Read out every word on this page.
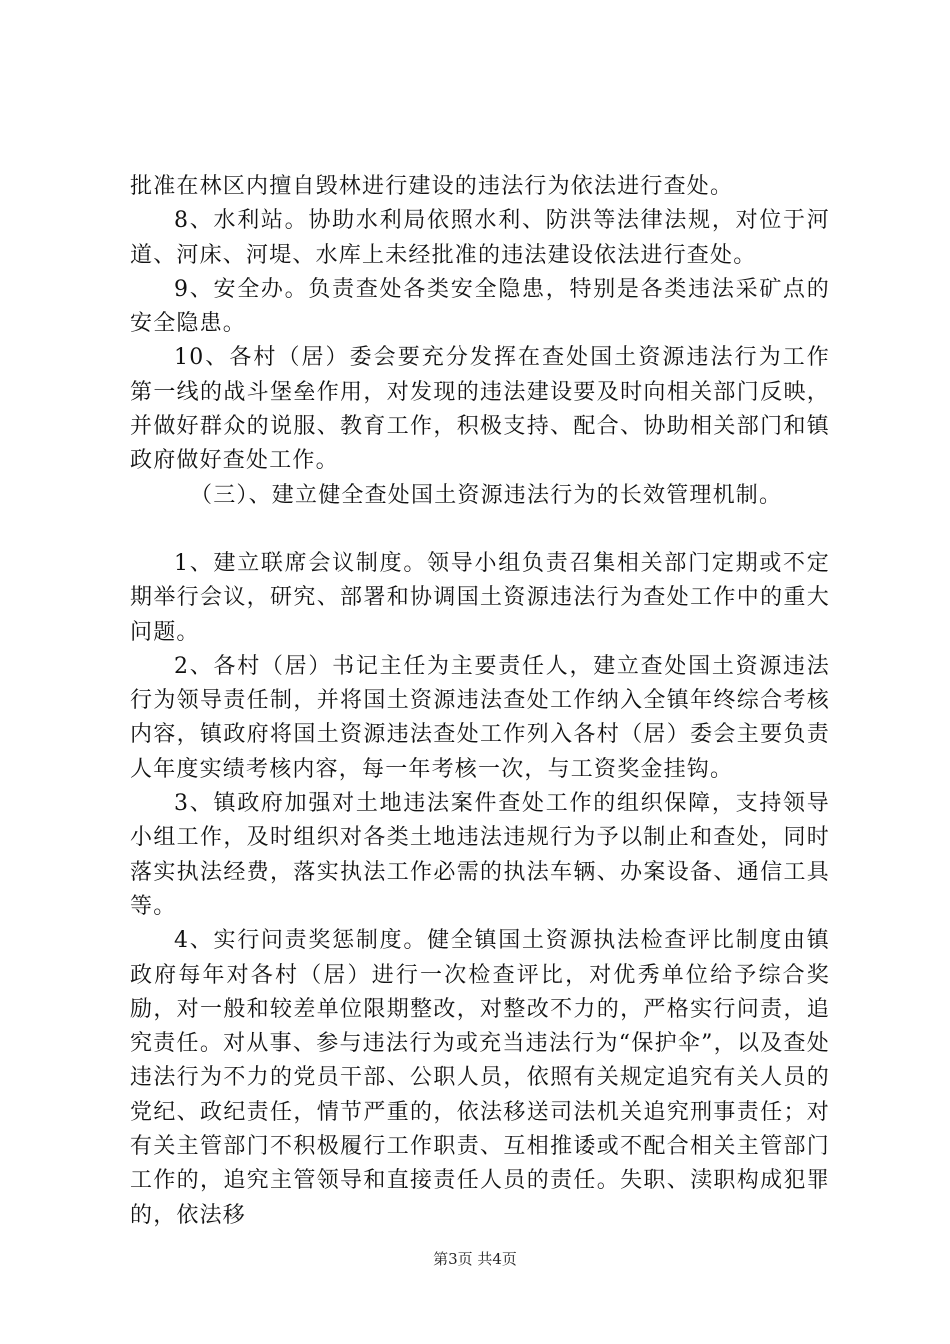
批准在林区内擅自毁林进行建设的违法行为依法进行查处。

8、水利站。协助水利局依照水利、防洪等法律法规，对位于河道、河床、河堤、水库上未经批准的违法建设依法进行查处。

9、安全办。负责查处各类安全隐患，特别是各类违法采矿点的安全隐患。

10、各村（居）委会要充分发挥在查处国土资源违法行为工作第一线的战斗堡垒作用，对发现的违法建设要及时向相关部门反映，并做好群众的说服、教育工作，积极支持、配合、协助相关部门和镇政府做好查处工作。

（三）、建立健全查处国土资源违法行为的长效管理机制。

1、建立联席会议制度。领导小组负责召集相关部门定期或不定期举行会议，研究、部署和协调国土资源违法行为查处工作中的重大问题。

2、各村（居）书记主任为主要责任人，建立查处国土资源违法行为领导责任制，并将国土资源违法查处工作纳入全镇年终综合考核内容，镇政府将国土资源违法查处工作列入各村（居）委会主要负责人年度实绩考核内容，每一年考核一次，与工资奖金挂钩。

3、镇政府加强对土地违法案件查处工作的组织保障，支持领导小组工作，及时组织对各类土地违法违规行为予以制止和查处，同时落实执法经费，落实执法工作必需的执法车辆、办案设备、通信工具等。

4、实行问责奖惩制度。健全镇国土资源执法检查评比制度由镇政府每年对各村（居）进行一次检查评比，对优秀单位给予综合奖励，对一般和较差单位限期整改，对整改不力的，严格实行问责，追究责任。对从事、参与违法行为或充当违法行为“保护伞”，以及查处违法行为不力的党员干部、公职人员，依照有关规定追究有关人员的党纪、政纪责任，情节严重的，依法移送司法机关追究刑事责任；对有关主管部门不积极履行工作职责、互相推诿或不配合相关主管部门工作的，追究主管领导和直接责任人员的责任。失职、渎职构成犯罪的，依法移

第3页 共4页
